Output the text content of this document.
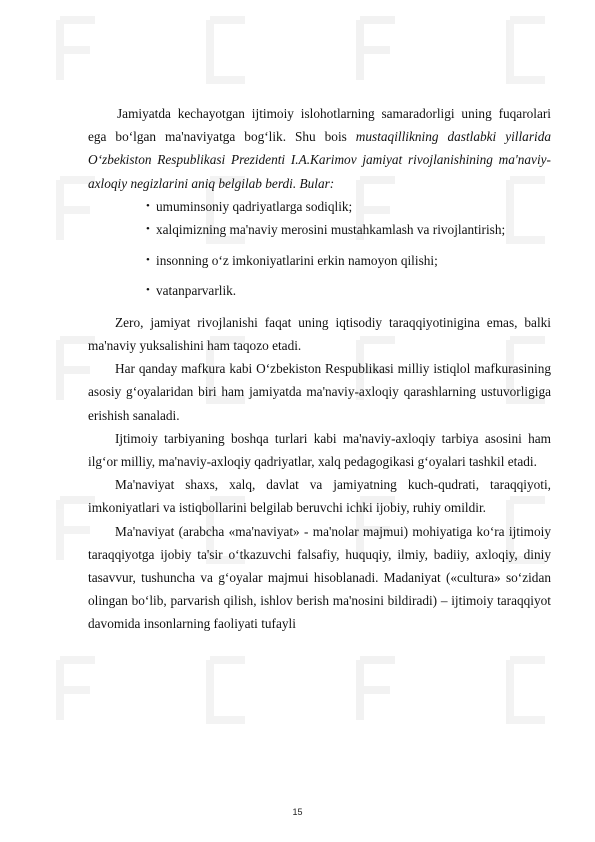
Jamiyatda kechayotgan ijtimoiy islohotlarning samaradorligi uning fuqarolari ega bo‘lgan ma'naviyatga bog‘lik. Shu bois mustaqillikning dastlabki yillarida O‘zbekiston Respublikasi Prezidenti I.A.Karimov jamiyat rivojlanishining ma'naviy-axloqiy negizlarini aniq belgilab berdi. Bular:

• umuminsoniy qadriyatlarga sodiqlik;
• xalqimizning ma'naviy merosini mustahkamlash va rivojlantirish;
• insonning o‘z imkoniyatlarini erkin namoyon qilishi;
• vatanparvarlik.

Zero, jamiyat rivojlanishi faqat uning iqtisodiy taraqqiyotinigina emas, balki ma'naviy yuksalishini ham taqozo etadi.

Har qanday mafkura kabi O‘zbekiston Respublikasi milliy istiqlol mafkurasining asosiy g‘oyalaridan biri ham jamiyatda ma'naviy-axloqiy qarashlarning ustuvorligiga erishish sanaladi.

Ijtimoiy tarbiyaning boshqa turlari kabi ma'naviy-axloqiy tarbiya asosini ham ilg‘or milliy, ma'naviy-axloqiy qadriyatlar, xalq pedagogikasi g‘oyalari tashkil etadi.

Ma'naviyat shaxs, xalq, davlat va jamiyatning kuch-qudrati, taraqqiyoti, imkoniyatlari va istiqbollarini belgilab beruvchi ichki ijobiy, ruhiy omildir.

Ma'naviyat (arabcha «ma'naviyat» - ma'nolar majmui) mohiyatiga ko‘ra ijtimoiy taraqqiyotga ijobiy ta'sir o‘tkazuvchi falsafiy, huquqiy, ilmiy, badiiy, axloqiy, diniy tasavvur, tushuncha va g‘oyalar majmui hisoblanadi. Madaniyat («cultura» so‘zidan olingan bo‘lib, parvarish qilish, ishlov berish ma'nosini bildiradi) – ijtimoiy taraqqiyot davomida insonlarning faoliyati tufayli

15
